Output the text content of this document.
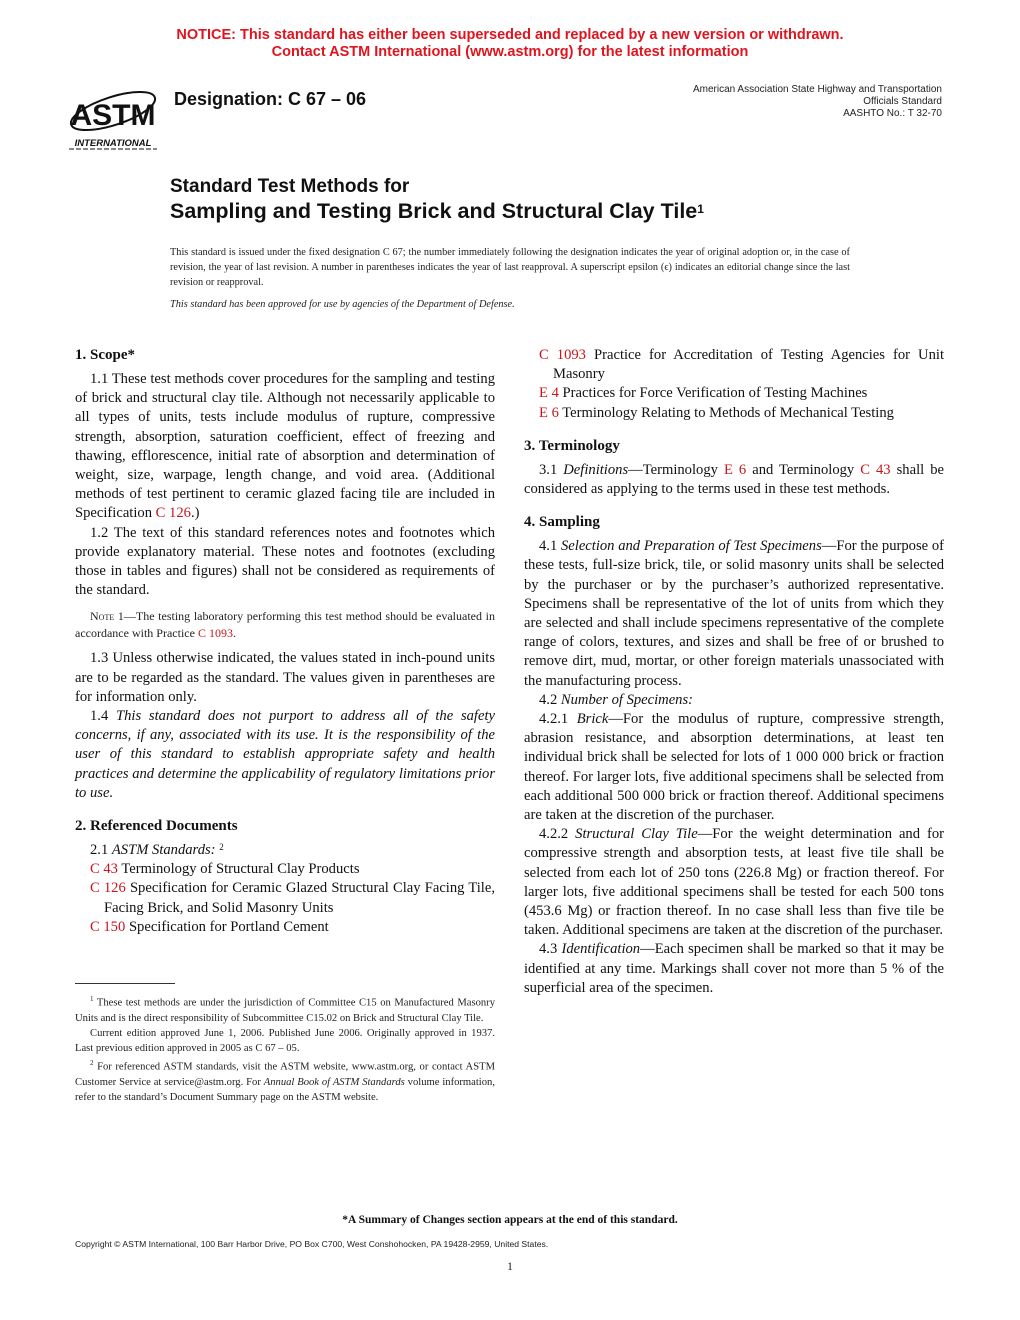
NOTICE: This standard has either been superseded and replaced by a new version or withdrawn.
Contact ASTM International (www.astm.org) for the latest information
ASTM
INTERNATIONAL
Designation: C 67 – 06	American Association State Highway and Transportation
Officials Standard
AASHTO No.: T 32-70
Standard Test Methods for
Sampling and Testing Brick and Structural Clay Tile$^1$
This standard is issued under the fixed designation C 67; the number immediately following the designation indicates the year of original adoption or, in the case of revision, the year of last revision. A number in parentheses indicates the year of last reapproval. A superscript epsilon (ϵ) indicates an editorial change since the last revision or reapproval.
This standard has been approved for use by agencies of the Department of Defense.
1. Scope*

1.1 These test methods cover procedures for the sampling and testing of brick and structural clay tile. Although not necessarily applicable to all types of units, tests include modulus of rupture, compressive strength, absorption, saturation coefficient, effect of freezing and thawing, efflorescence, initial rate of absorption and determination of weight, size, warpage, length change, and void area. (Additional methods of test pertinent to ceramic glazed facing tile are included in Specification C 126.)

1.2 The text of this standard references notes and footnotes which provide explanatory material. These notes and footnotes (excluding those in tables and figures) shall not be considered as requirements of the standard.

Note 1—The testing laboratory performing this test method should be evaluated in accordance with Practice C 1093.

1.3 Unless otherwise indicated, the values stated in inch-pound units are to be regarded as the standard. The values given in parentheses are for information only.

1.4 This standard does not purport to address all of the safety concerns, if any, associated with its use. It is the responsibility of the user of this standard to establish appropriate safety and health practices and determine the applicability of regulatory limitations prior to use.

2. Referenced Documents

2.1 ASTM Standards: $^2$

C 43 Terminology of Structural Clay Products

C 126 Specification for Ceramic Glazed Structural Clay Facing Tile, Facing Brick, and Solid Masonry Units

C 150 Specification for Portland Cement

$^1$ These test methods are under the jurisdiction of Committee C15 on Manufactured Masonry Units and is the direct responsibility of Subcommittee C15.02 on Brick and Structural Clay Tile.

Current edition approved June 1, 2006. Published June 2006. Originally approved in 1937. Last previous edition approved in 2005 as C 67 – 05.

$^2$ For referenced ASTM standards, visit the ASTM website, www.astm.org, or contact ASTM Customer Service at service@astm.org. For Annual Book of ASTM Standards volume information, refer to the standard’s Document Summary page on the ASTM website.

C 1093 Practice for Accreditation of Testing Agencies for Unit Masonry

E 4 Practices for Force Verification of Testing Machines

E 6 Terminology Relating to Methods of Mechanical Testing

3. Terminology

3.1 Definitions—Terminology E 6 and Terminology C 43 shall be considered as applying to the terms used in these test methods.

4. Sampling

4.1 Selection and Preparation of Test Specimens—For the purpose of these tests, full-size brick, tile, or solid masonry units shall be selected by the purchaser or by the purchaser’s authorized representative. Specimens shall be representative of the lot of units from which they are selected and shall include specimens representative of the complete range of colors, textures, and sizes and shall be free of or brushed to remove dirt, mud, mortar, or other foreign materials unassociated with the manufacturing process.

4.2 Number of Specimens:

4.2.1 Brick—For the modulus of rupture, compressive strength, abrasion resistance, and absorption determinations, at least ten individual brick shall be selected for lots of 1 000 000 brick or fraction thereof. For larger lots, five additional specimens shall be selected from each additional 500 000 brick or fraction thereof. Additional specimens are taken at the discretion of the purchaser.

4.2.2 Structural Clay Tile—For the weight determination and for compressive strength and absorption tests, at least five tile shall be selected from each lot of 250 tons (226.8 Mg) or fraction thereof. For larger lots, five additional specimens shall be tested for each 500 tons (453.6 Mg) or fraction thereof. In no case shall less than five tile be taken. Additional specimens are taken at the discretion of the purchaser.

4.3 Identification—Each specimen shall be marked so that it may be identified at any time. Markings shall cover not more than 5 % of the superficial area of the specimen.

*A Summary of Changes section appears at the end of this standard.
Copyright © ASTM International, 100 Barr Harbor Drive, PO Box C700, West Conshohocken, PA 19428-2959, United States.
1
